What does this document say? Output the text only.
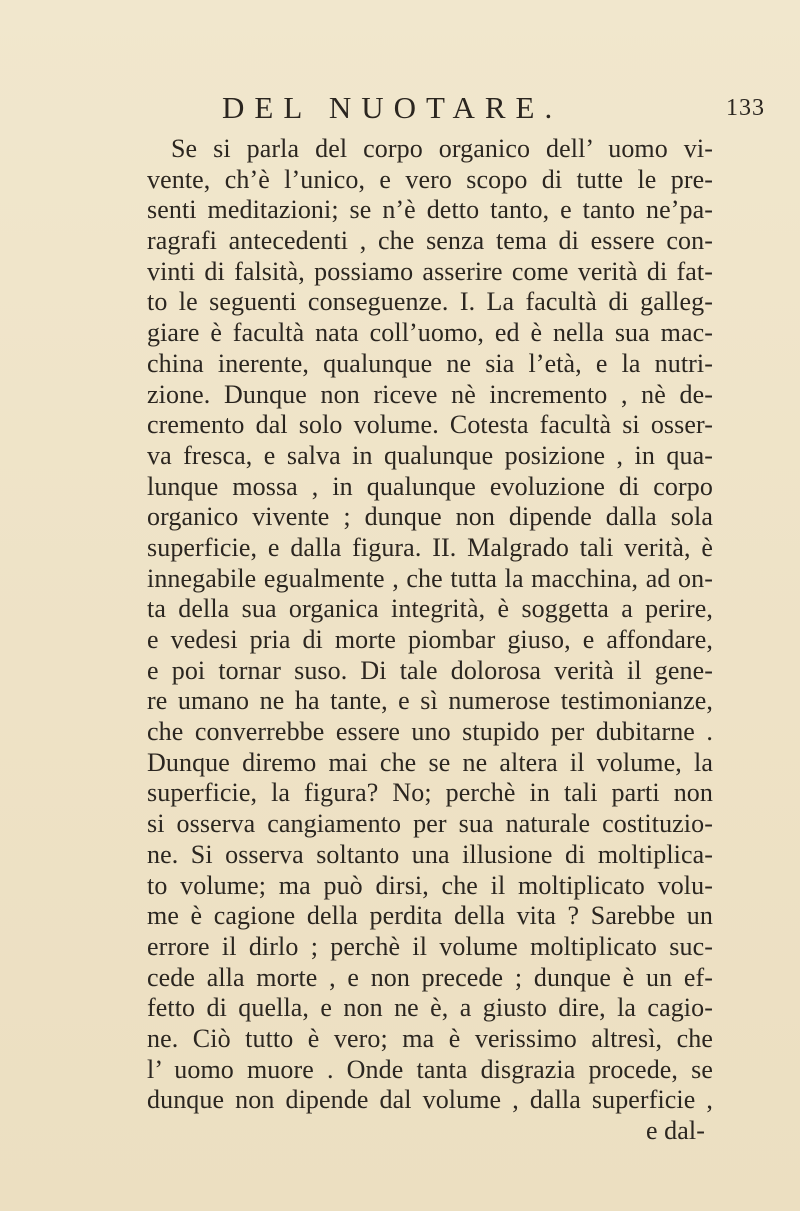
DEL NUOTARE.	133
Se si parla del corpo organico dell’ uomo vi-
vente, ch’è l’unico, e vero scopo di tutte le pre-
senti meditazioni; se n’è detto tanto, e tanto ne’pa-
ragrafi antecedenti , che senza tema di essere con-
vinti di falsità, possiamo asserire come verità di fat-
to le seguenti conseguenze. I. La facultà di galleg-
giare è facultà nata coll’uomo, ed è nella sua mac-
china inerente, qualunque ne sia l’età, e la nutri-
zione. Dunque non riceve nè incremento , nè de-
cremento dal solo volume. Cotesta facultà si osser-
va fresca, e salva in qualunque posizione , in qua-
lunque mossa , in qualunque evoluzione di corpo
organico vivente ; dunque non dipende dalla sola
superficie, e dalla figura. II. Malgrado tali verità, è
innegabile egualmente , che tutta la macchina, ad on-
ta della sua organica integrità, è soggetta a perire,
e vedesi pria di morte piombar giuso, e affondare,
e poi tornar suso. Di tale dolorosa verità il gene-
re umano ne ha tante, e sì numerose testimonianze,
che converrebbe essere uno stupido per dubitarne .
Dunque diremo mai che se ne altera il volume, la
superficie, la figura? No; perchè in tali parti non
si osserva cangiamento per sua naturale costituzio-
ne. Si osserva soltanto una illusione di moltiplica-
to volume; ma può dirsi, che il moltiplicato volu-
me è cagione della perdita della vita ? Sarebbe un
errore il dirlo ; perchè il volume moltiplicato suc-
cede alla morte , e non precede ; dunque è un ef-
fetto di quella, e non ne è, a giusto dire, la cagio-
ne. Ciò tutto è vero; ma è verissimo altresì, che
l’ uomo muore . Onde tanta disgrazia procede, se
dunque non dipende dal volume , dalla superficie ,
e dal-
